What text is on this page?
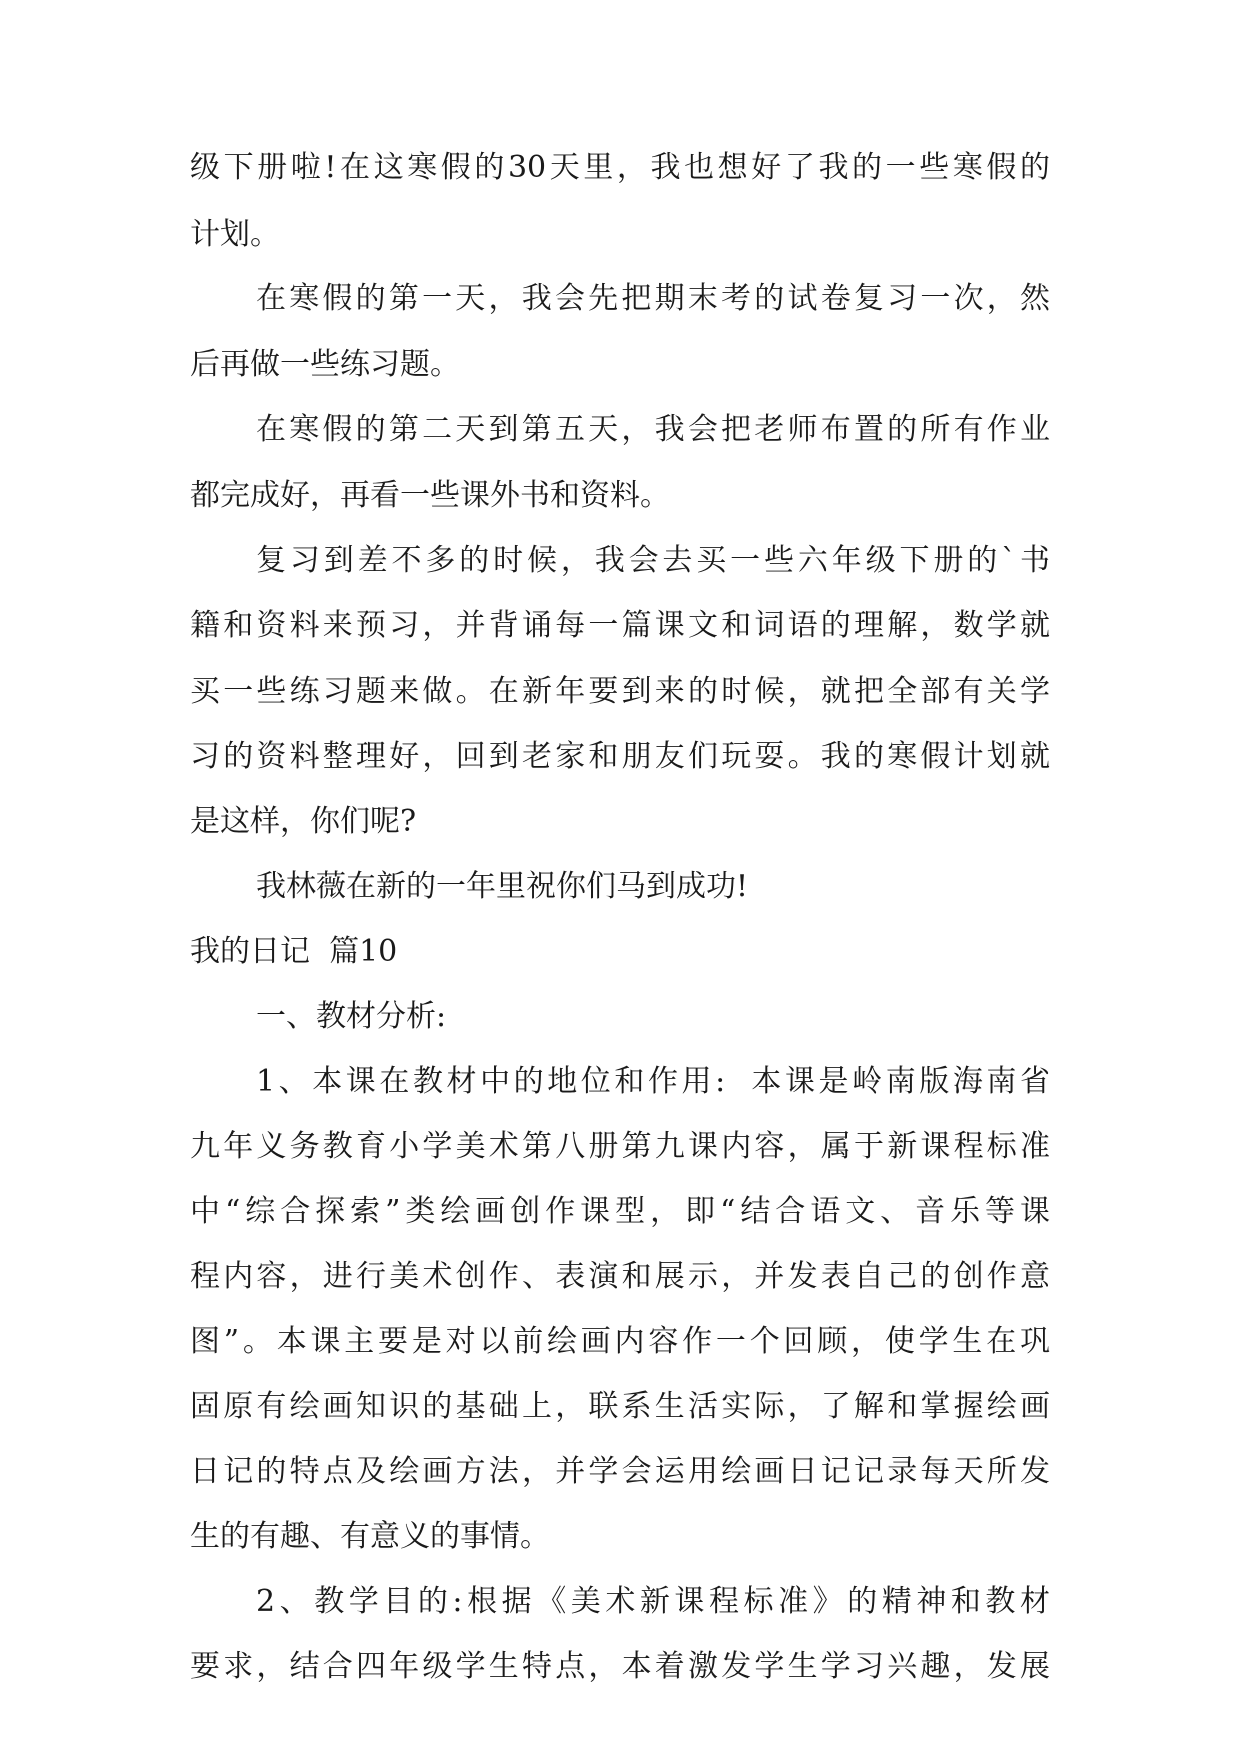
级下册啦!在这寒假的30天里，我也想好了我的一些寒假的
计划。
在寒假的第一天，我会先把期末考的试卷复习一次，然
后再做一些练习题。
在寒假的第二天到第五天，我会把老师布置的所有作业
都完成好，再看一些课外书和资料。
复习到差不多的时候，我会去买一些六年级下册的`书
籍和资料来预习，并背诵每一篇课文和词语的理解，数学就
买一些练习题来做。在新年要到来的时候，就把全部有关学
习的资料整理好，回到老家和朋友们玩耍。我的寒假计划就
是这样，你们呢?
我林薇在新的一年里祝你们马到成功!
我的日记  篇10
一、教材分析:
1、本课在教材中的地位和作用:  本课是岭南版海南省
九年义务教育小学美术第八册第九课内容，属于新课程标准
中“综合探索”类绘画创作课型，即“结合语文、音乐等课
程内容，进行美术创作、表演和展示，并发表自己的创作意
图”。本课主要是对以前绘画内容作一个回顾，使学生在巩
固原有绘画知识的基础上，联系生活实际，了解和掌握绘画
日记的特点及绘画方法，并学会运用绘画日记记录每天所发
生的有趣、有意义的事情。
2、教学目的:根据《美术新课程标准》的精神和教材
要求，结合四年级学生特点，本着激发学生学习兴趣，发展
